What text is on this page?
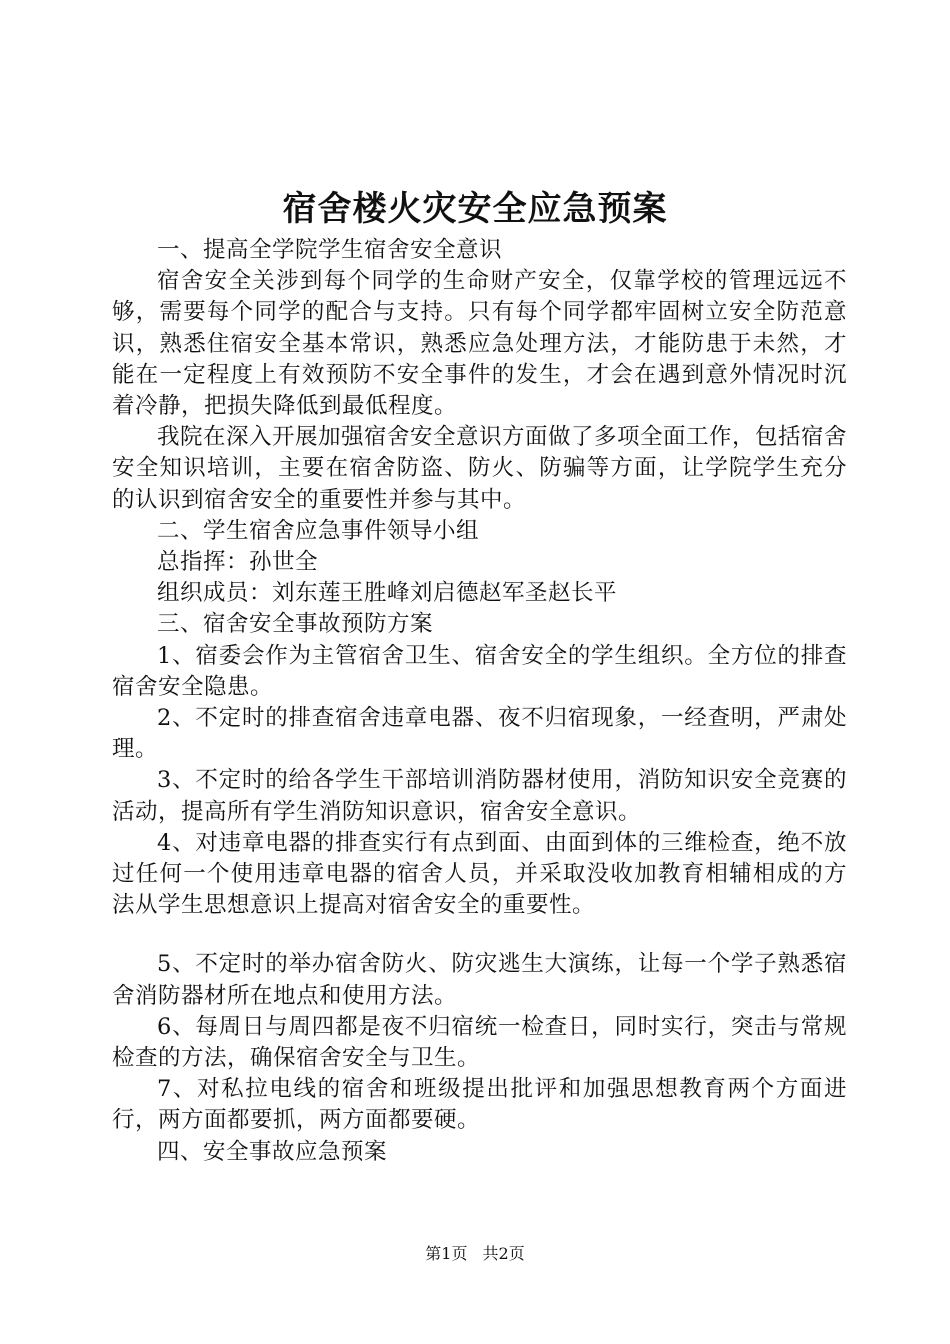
宿舍楼火灾安全应急预案

一、提高全学院学生宿舍安全意识

宿舍安全关涉到每个同学的生命财产安全，仅靠学校的管理远远不够，需要每个同学的配合与支持。只有每个同学都牢固树立安全防范意识，熟悉住宿安全基本常识，熟悉应急处理方法，才能防患于未然，才能在一定程度上有效预防不安全事件的发生，才会在遇到意外情况时沉着冷静，把损失降低到最低程度。

我院在深入开展加强宿舍安全意识方面做了多项全面工作，包括宿舍安全知识培训，主要在宿舍防盗、防火、防骗等方面，让学院学生充分的认识到宿舍安全的重要性并参与其中。

二、学生宿舍应急事件领导小组

总指挥：孙世全

组织成员：刘东莲王胜峰刘启德赵军圣赵长平

三、宿舍安全事故预防方案

1、宿委会作为主管宿舍卫生、宿舍安全的学生组织。全方位的排查宿舍安全隐患。

2、不定时的排查宿舍违章电器、夜不归宿现象，一经查明，严肃处理。

3、不定时的给各学生干部培训消防器材使用，消防知识安全竞赛的活动，提高所有学生消防知识意识，宿舍安全意识。

4、对违章电器的排查实行有点到面、由面到体的三维检查，绝不放过任何一个使用违章电器的宿舍人员，并采取没收加教育相辅相成的方法从学生思想意识上提高对宿舍安全的重要性。

5、不定时的举办宿舍防火、防灾逃生大演练，让每一个学子熟悉宿舍消防器材所在地点和使用方法。

6、每周日与周四都是夜不归宿统一检查日，同时实行，突击与常规检查的方法，确保宿舍安全与卫生。

7、对私拉电线的宿舍和班级提出批评和加强思想教育两个方面进行，两方面都要抓，两方面都要硬。

四、安全事故应急预案

第1页 共2页
